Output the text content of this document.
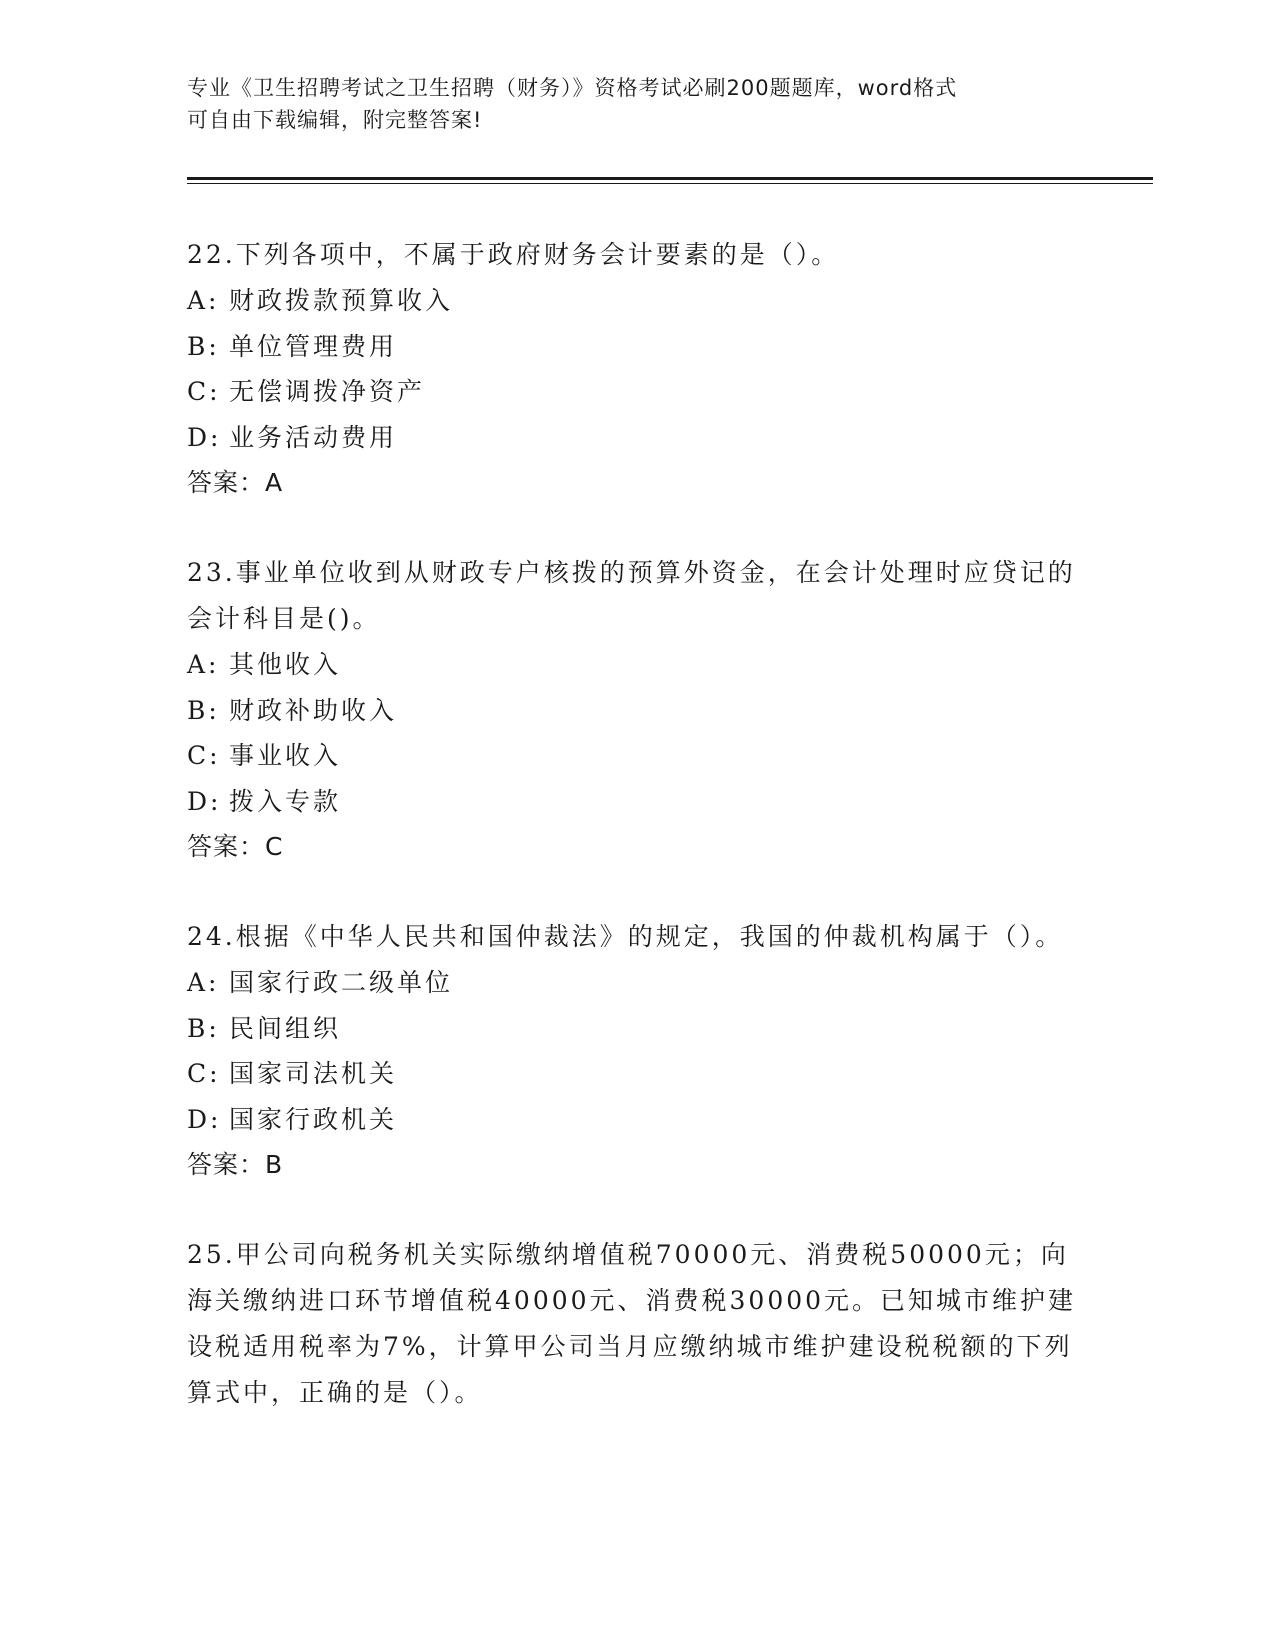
专业《卫生招聘考试之卫生招聘（财务）》资格考试必刷200题题库，word格式
可自由下载编辑，附完整答案!
22.下列各项中，不属于政府财务会计要素的是（）。
A: 财政拨款预算收入
B: 单位管理费用
C: 无偿调拨净资产
D: 业务活动费用
答案：A
23.事业单位收到从财政专户核拨的预算外资金，在会计处理时应贷记的会计科目是()。
A: 其他收入
B: 财政补助收入
C: 事业收入
D: 拨入专款
答案：C
24.根据《中华人民共和国仲裁法》的规定，我国的仲裁机构属于（）。
A: 国家行政二级单位
B: 民间组织
C: 国家司法机关
D: 国家行政机关
答案：B
25.甲公司向税务机关实际缴纳增值税70000元、消费税50000元；向海关缴纳进口环节增值税40000元、消费税30000元。已知城市维护建设税适用税率为7%，计算甲公司当月应缴纳城市维护建设税税额的下列算式中，正确的是（）。
